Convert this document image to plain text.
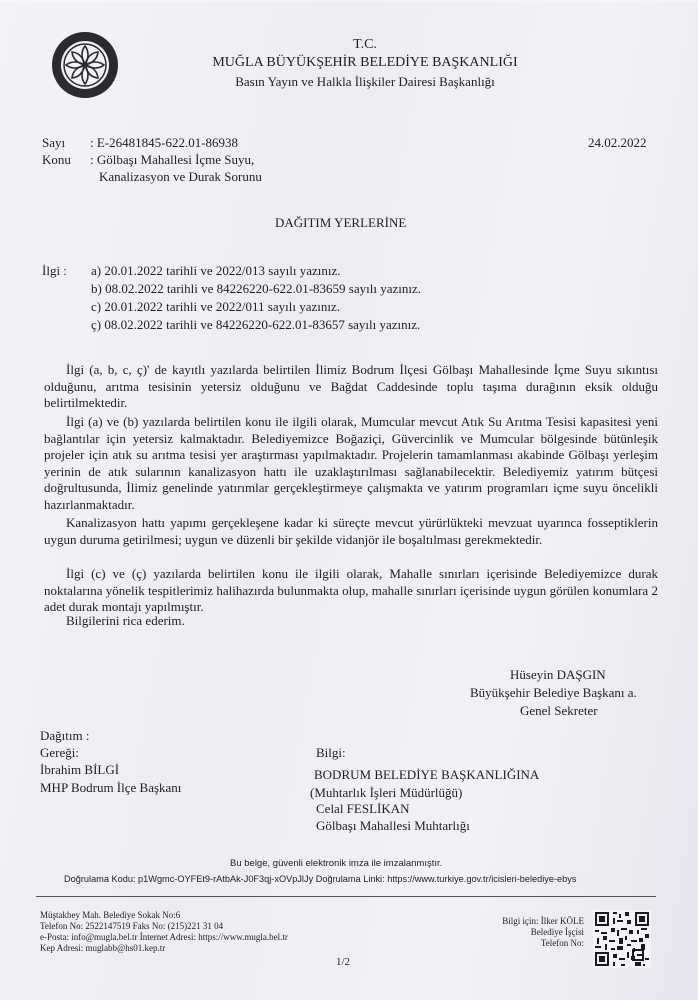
T.C.
MUĞLA BÜYÜKŞEHİR BELEDİYE BAŞKANLIĞI
Basın Yayın ve Halkla İlişkiler Dairesi Başkanlığı
Sayı : E-26481845-622.01-86938	24.02.2022
Konu : Gölbaşı Mahallesi İçme Suyu,
Kanalizasyon ve Durak Sorunu
DAĞITIM YERLERİNE
İlgi : a) 20.01.2022 tarihli ve 2022/013 sayılı yazınız.
b) 08.02.2022 tarihli ve 84226220-622.01-83659 sayılı yazınız.
c) 20.01.2022 tarihli ve 2022/011 sayılı yazınız.
ç) 08.02.2022 tarihli ve 84226220-622.01-83657 sayılı yazınız.
İlgi (a, b, c, ç)' de kayıtlı yazılarda belirtilen İlimiz Bodrum İlçesi Gölbaşı Mahallesinde İçme Suyu sıkıntısı olduğunu, arıtma tesisinin yetersiz olduğunu ve Bağdat Caddesinde toplu taşıma durağının eksik olduğu belirtilmektedir.
İlgi (a) ve (b) yazılarda belirtilen konu ile ilgili olarak, Mumcular mevcut Atık Su Arıtma Tesisi kapasitesi yeni bağlantılar için yetersiz kalmaktadır. Belediyemizce Boğaziçi, Güvercinlik ve Mumcular bölgesinde bütünleşik projeler için atık su arıtma tesisi yer araştırması yapılmaktadır. Projelerin tamamlanması akabinde Gölbaşı yerleşim yerinin de atık sularının kanalizasyon hattı ile uzaklaştırılması sağlanabilecektir. Belediyemiz yatırım bütçesi doğrultusunda, İlimiz genelinde yatırımlar gerçekleştirmeye çalışmakta ve yatırım programları içme suyu öncelikli hazırlanmaktadır.
Kanalizasyon hattı yapımı gerçekleşene kadar ki süreçte mevcut yürürlükteki mevzuat uyarınca fosseptiklerin uygun duruma getirilmesi; uygun ve düzenli bir şekilde vidanjör ile boşaltılması gerekmektedir.
İlgi (c) ve (ç) yazılarda belirtilen konu ile ilgili olarak, Mahalle sınırları içerisinde Belediyemizce durak noktalarına yönelik tespitlerimiz halihazırda bulunmakta olup, mahalle sınırları içerisinde uygun görülen konumlara 2 adet durak montajı yapılmıştır.
Bilgilerini rica ederim.
Hüseyin DAŞGIN
Büyükşehir Belediye Başkanı a.
Genel Sekreter
Dağıtım :
Gereği:
İbrahim BİLGİ
MHP Bodrum İlçe Başkanı
Bilgi:
BODRUM BELEDİYE BAŞKANLIĞINA
(Muhtarlık İşleri Müdürlüğü)
Celal FESLİKAN
Gölbaşı Mahallesi Muhtarlığı
Bu belge, güvenli elektronik imza ile imzalanmıştır.
Doğrulama Kodu: p1Wgmc-OYFEt9-rAtbAk-J0F3qj-xOVpJlJy Doğrulama Linki: https://www.turkiye.gov.tr/icisleri-belediye-ebys
Müştakbey Mah. Belediye Sokak No:6
Telefon No: 2522147519 Faks No: (215)221 31 04
e-Posta: info@mugla.bel.tr İnternet Adresi: https://www.mugla.bel.tr
Kep Adresi: muglabb@hs01.kep.tr
Bilgi için: İlker KÖLE
Belediye İşçisi
Telefon No:
1/2
